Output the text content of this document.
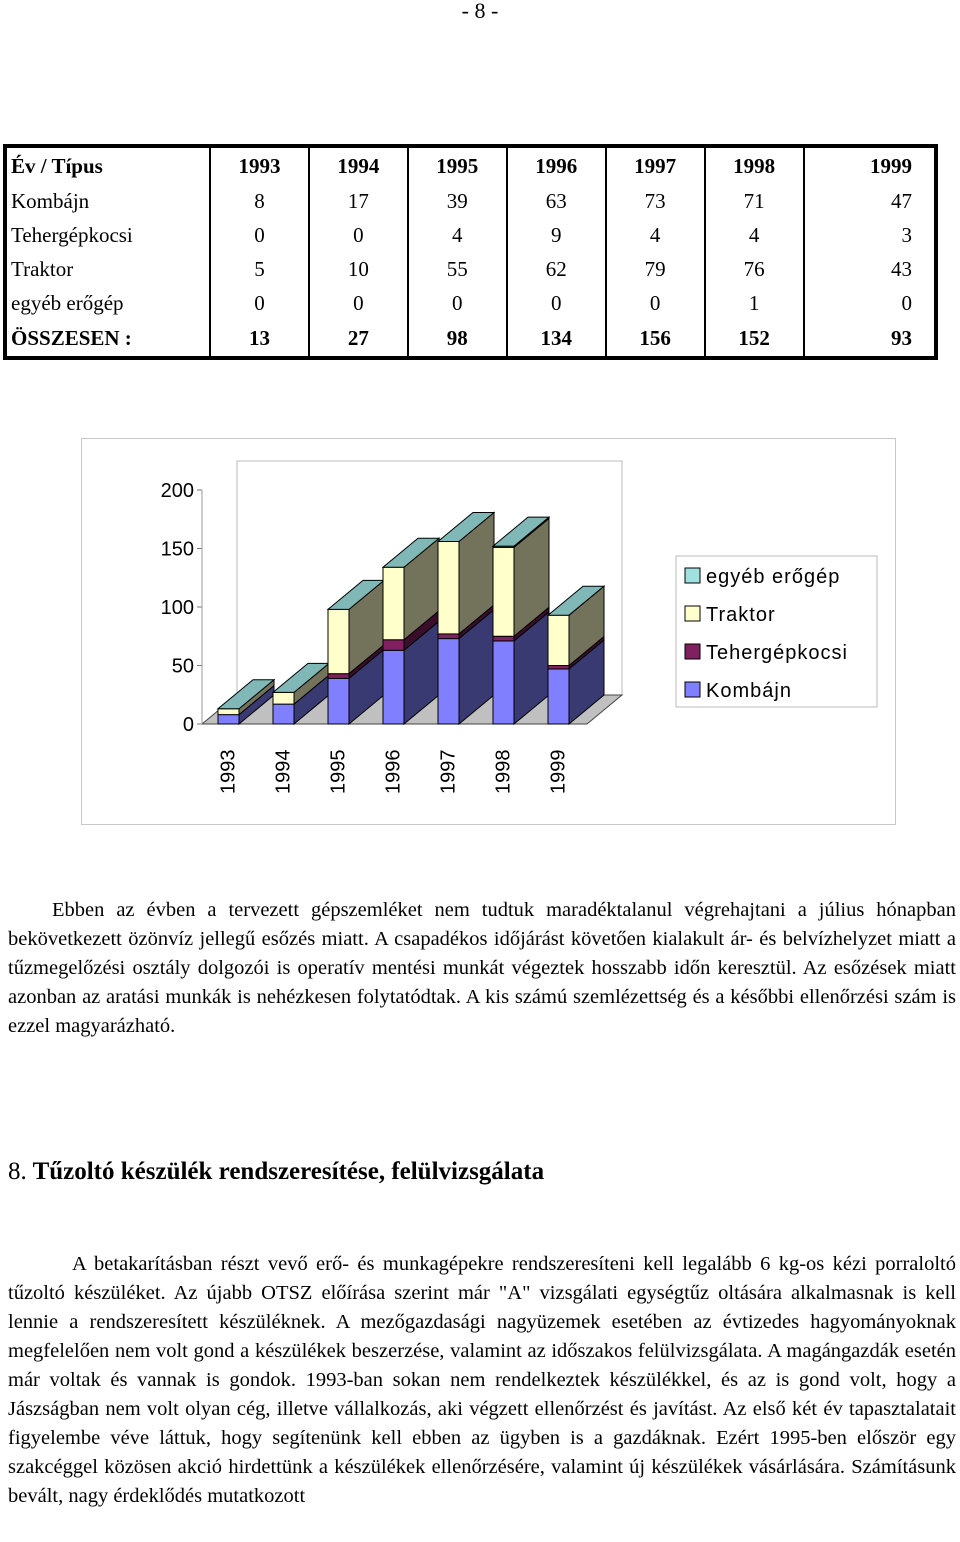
- 8 -
Év / Típus	1993	1994	1995	1996	1997	1998	1999
Kombájn	8	17	39	63	73	71	47
Tehergépkocsi	0	0	4	9	4	4	3
Traktor	5	10	55	62	79	76	43
egyéb erőgép	0	0	0	0	0	1	0
ÖSSZESEN :	13	27	98	134	156	152	93
0
50
100
150
200
1993 1994 1995 1996 1997 1998 1999
egyéb erőgép
Traktor
Tehergépkocsi
Kombájn

Ebben az évben a tervezett gépszemléket nem tudtuk maradéktalanul végrehajtani a július hónapban bekövetkezett özönvíz jellegű esőzés miatt. A csapadékos időjárást követően kialakult ár- és belvízhelyzet miatt a tűzmegelőzési osztály dolgozói is operatív mentési munkát végeztek hosszabb időn keresztül. Az esőzések miatt azonban az aratási munkák is nehézkesen folytatódtak. A kis számú szemlézettség és a későbbi ellenőrzési szám is ezzel magyarázható.

8. Tűzoltó készülék rendszeresítése, felülvizsgálata

A betakarításban részt vevő erő- és munkagépekre rendszeresíteni kell legalább 6 kg-os kézi porraloltó tűzoltó készüléket. Az újabb OTSZ előírása szerint már "A" vizsgálati egységtűz oltására alkalmasnak is kell lennie a rendszeresített készüléknek. A mezőgazdasági nagyüzemek esetében az évtizedes hagyományoknak megfelelően nem volt gond a készülékek beszerzése, valamint az időszakos felülvizsgálata. A magángazdák esetén már voltak és vannak is gondok. 1993-ban sokan nem rendelkeztek készülékkel, és az is gond volt, hogy a Jászságban nem volt olyan cég, illetve vállalkozás, aki végzett ellenőrzést és javítást. Az első két év tapasztalatait figyelembe véve láttuk, hogy segítenünk kell ebben az ügyben is a gazdáknak. Ezért 1995-ben először egy szakcéggel közösen akció hirdettünk a készülékek ellenőrzésére, valamint új készülékek vásárlására. Számításunk bevált, nagy érdeklődés mutatkozott
